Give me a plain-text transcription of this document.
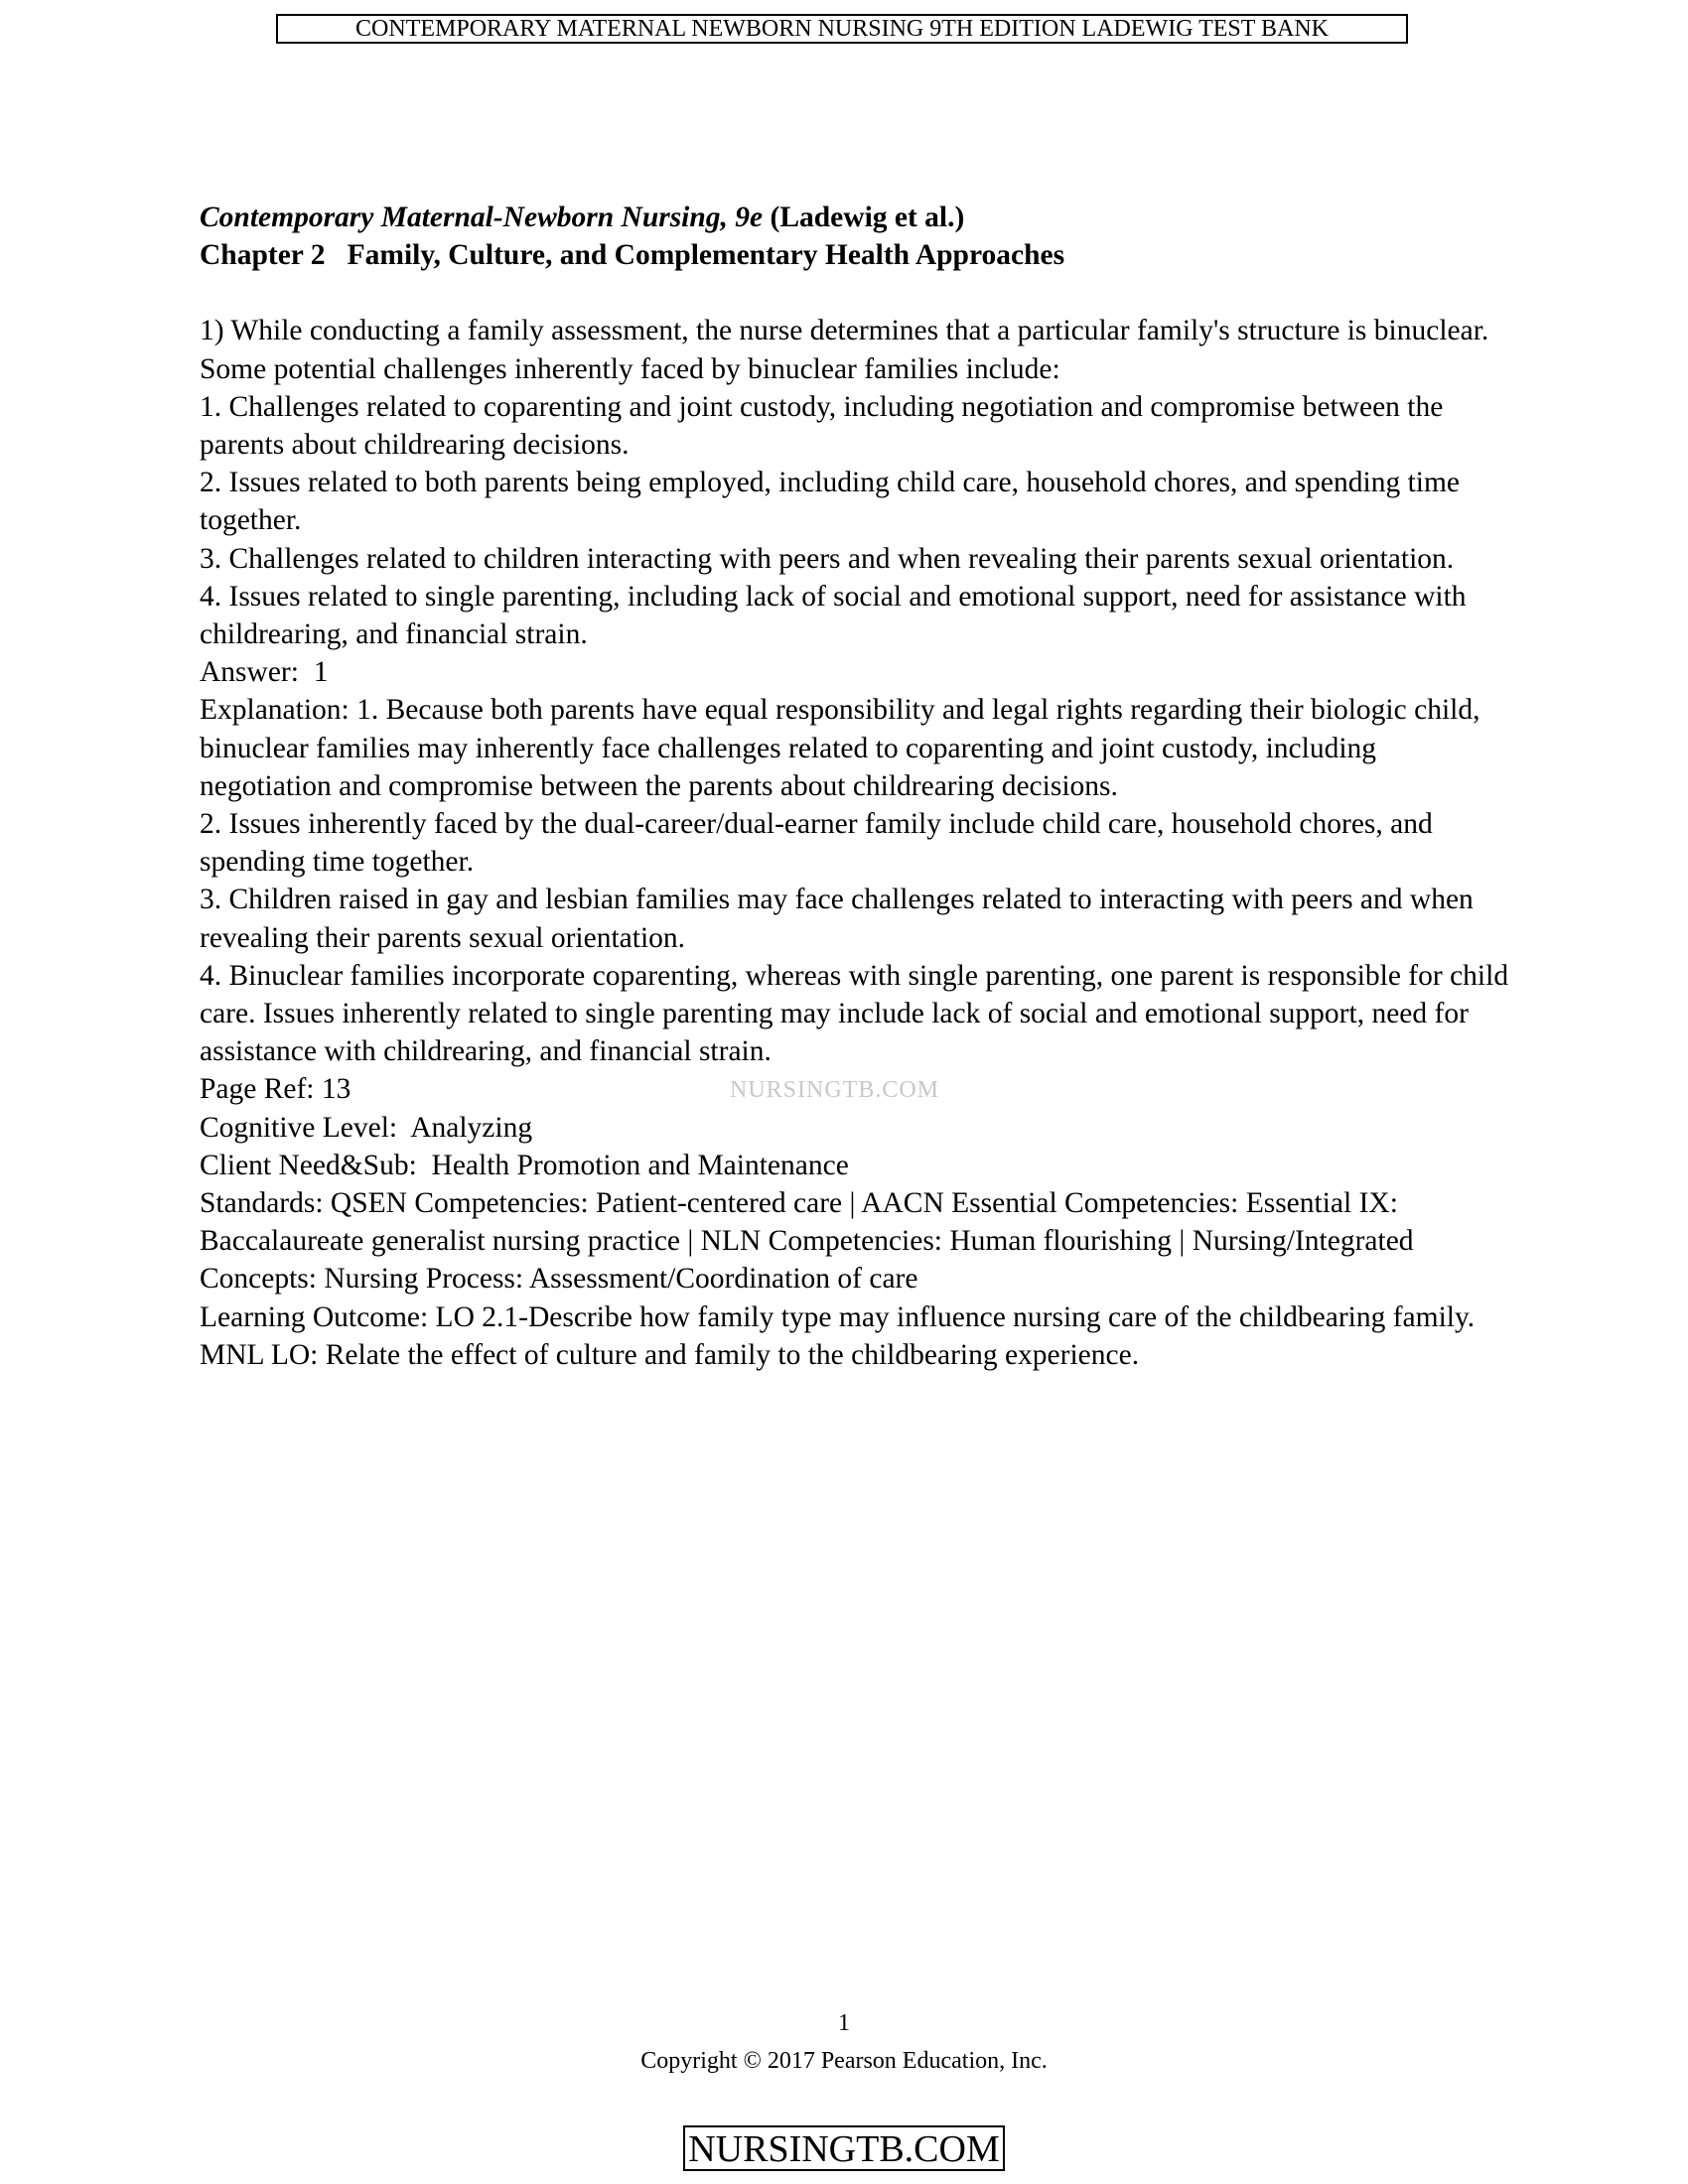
CONTEMPORARY MATERNAL NEWBORN NURSING 9TH EDITION LADEWIG TEST BANK

Contemporary Maternal-Newborn Nursing, 9e (Ladewig et al.)

Chapter 2   Family, Culture, and Complementary Health Approaches

1) While conducting a family assessment, the nurse determines that a particular family's structure is binuclear. Some potential challenges inherently faced by binuclear families include:

1. Challenges related to coparenting and joint custody, including negotiation and compromise between the parents about childrearing decisions.

2. Issues related to both parents being employed, including child care, household chores, and spending time together.

3. Challenges related to children interacting with peers and when revealing their parents sexual orientation.

4. Issues related to single parenting, including lack of social and emotional support, need for assistance with childrearing, and financial strain.

Answer:  1

Explanation: 1. Because both parents have equal responsibility and legal rights regarding their biologic child, binuclear families may inherently face challenges related to coparenting and joint custody, including negotiation and compromise between the parents about childrearing decisions.

2. Issues inherently faced by the dual-career/dual-earner family include child care, household chores, and spending time together.

3. Children raised in gay and lesbian families may face challenges related to interacting with peers and when revealing their parents sexual orientation.

4. Binuclear families incorporate coparenting, whereas with single parenting, one parent is responsible for child care. Issues inherently related to single parenting may include lack of social and emotional support, need for assistance with childrearing, and financial strain.

Page Ref: 13

Cognitive Level:  Analyzing

Client Need&Sub:  Health Promotion and Maintenance

Standards: QSEN Competencies: Patient-centered care | AACN Essential Competencies: Essential IX: Baccalaureate generalist nursing practice | NLN Competencies: Human flourishing | Nursing/Integrated Concepts: Nursing Process: Assessment/Coordination of care

Learning Outcome: LO 2.1-Describe how family type may influence nursing care of the childbearing family.

MNL LO: Relate the effect of culture and family to the childbearing experience.

NURSINGTB.COM
1
Copyright © 2017 Pearson Education, Inc.
NURSINGTB.COM
